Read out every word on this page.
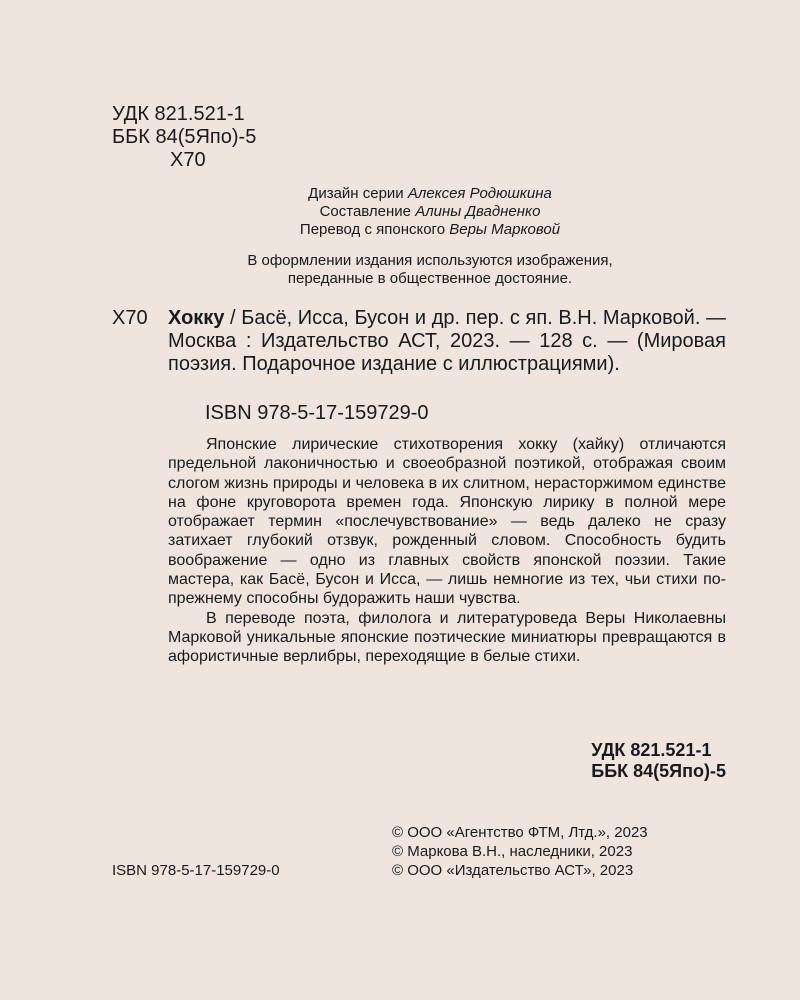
УДК 821.521-1
ББК 84(5Япо)-5
Х70
Дизайн серии Алексея Родюшкина
Составление Алины Двадненко
Перевод с японского Веры Марковой
В оформлении издания используются изображения,
переданные в общественное достояние.
Х70 Хокку / Басё, Исса, Бусон и др. пер. с яп. В.Н. Марковой. — Москва : Издательство АСТ, 2023. — 128 с. — (Мировая поэзия. Подарочное издание с иллюстрациями).
ISBN 978-5-17-159729-0

Японские лирические стихотворения хокку (хайку) отличаются предельной лаконичностью и своеобразной поэтикой, отображая своим слогом жизнь природы и человека в их слитном, нерасторжимом единстве на фоне круговорота времен года. Японскую лирику в полной мере отображает термин «послечувствование» — ведь далеко не сразу затихает глубокий отзвук, рожденный словом. Способность будить воображение — одно из главных свойств японской поэзии. Такие мастера, как Басё, Бусон и Исса, — лишь немногие из тех, чьи стихи по-прежнему способны будоражить наши чувства.

В переводе поэта, филолога и литературоведа Веры Николаевны Марковой уникальные японские поэтические миниатюры превращаются в афористичные верлибры, переходящие в белые стихи.

УДК 821.521-1
ББК 84(5Япо)-5
© ООО «Агентство ФТМ, Лтд.», 2023
© Маркова В.Н., наследники, 2023
© ООО «Издательство АСТ», 2023
ISBN 978-5-17-159729-0
